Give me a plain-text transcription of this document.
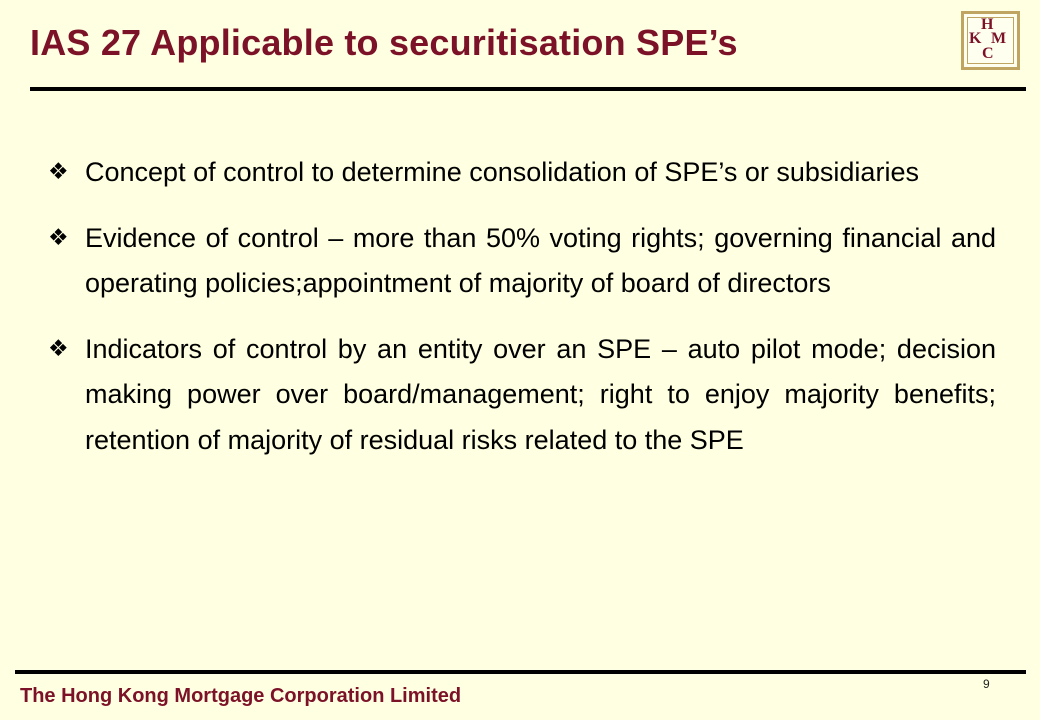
IAS 27 Applicable to securitisation SPE’s	H
K M
C
❖ Concept of control to determine consolidation of SPE’s or subsidiaries
❖ Evidence of control – more than 50% voting rights; governing financial and operating policies;appointment of majority of board of directors
❖ Indicators of control by an entity over an SPE – auto pilot mode; decision making power over board/management; right to enjoy majority benefits; retention of majority of residual risks related to the SPE
The Hong Kong Mortgage Corporation Limited
9
